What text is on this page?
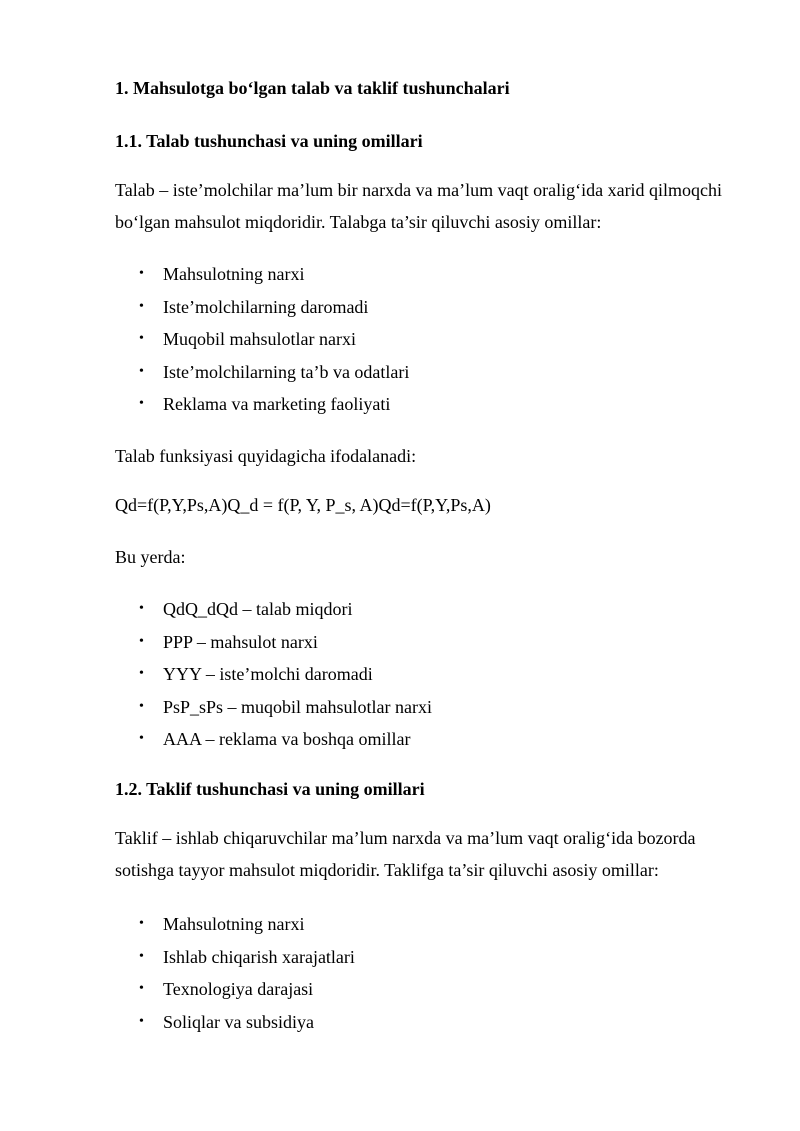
1. Mahsulotga bo‘lgan talab va taklif tushunchalari
1.1. Talab tushunchasi va uning omillari

Talab – iste’molchilar ma’lum bir narxda va ma’lum vaqt oralig‘ida xarid qilmoqchi bo‘lgan mahsulot miqdoridir. Talabga ta’sir qiluvchi asosiy omillar:

• Mahsulotning narxi
• Iste’molchilarning daromadi
• Muqobil mahsulotlar narxi
• Iste’molchilarning ta’b va odatlari
• Reklama va marketing faoliyati

Talab funksiyasi quyidagicha ifodalanadi:

Qd=f(P,Y,Ps,A)Q_d = f(P, Y, P_s, A)Qd=f(P,Y,Ps,A)

Bu yerda:

• QdQ_dQd – talab miqdori
• PPP – mahsulot narxi
• YYY – iste’molchi daromadi
• PsP_sPs – muqobil mahsulotlar narxi
• AAA – reklama va boshqa omillar
1.2. Taklif tushunchasi va uning omillari

Taklif – ishlab chiqaruvchilar ma’lum narxda va ma’lum vaqt oralig‘ida bozorda sotishga tayyor mahsulot miqdoridir. Taklifga ta’sir qiluvchi asosiy omillar:

• Mahsulotning narxi
• Ishlab chiqarish xarajatlari
• Texnologiya darajasi
• Soliqlar va subsidiya
